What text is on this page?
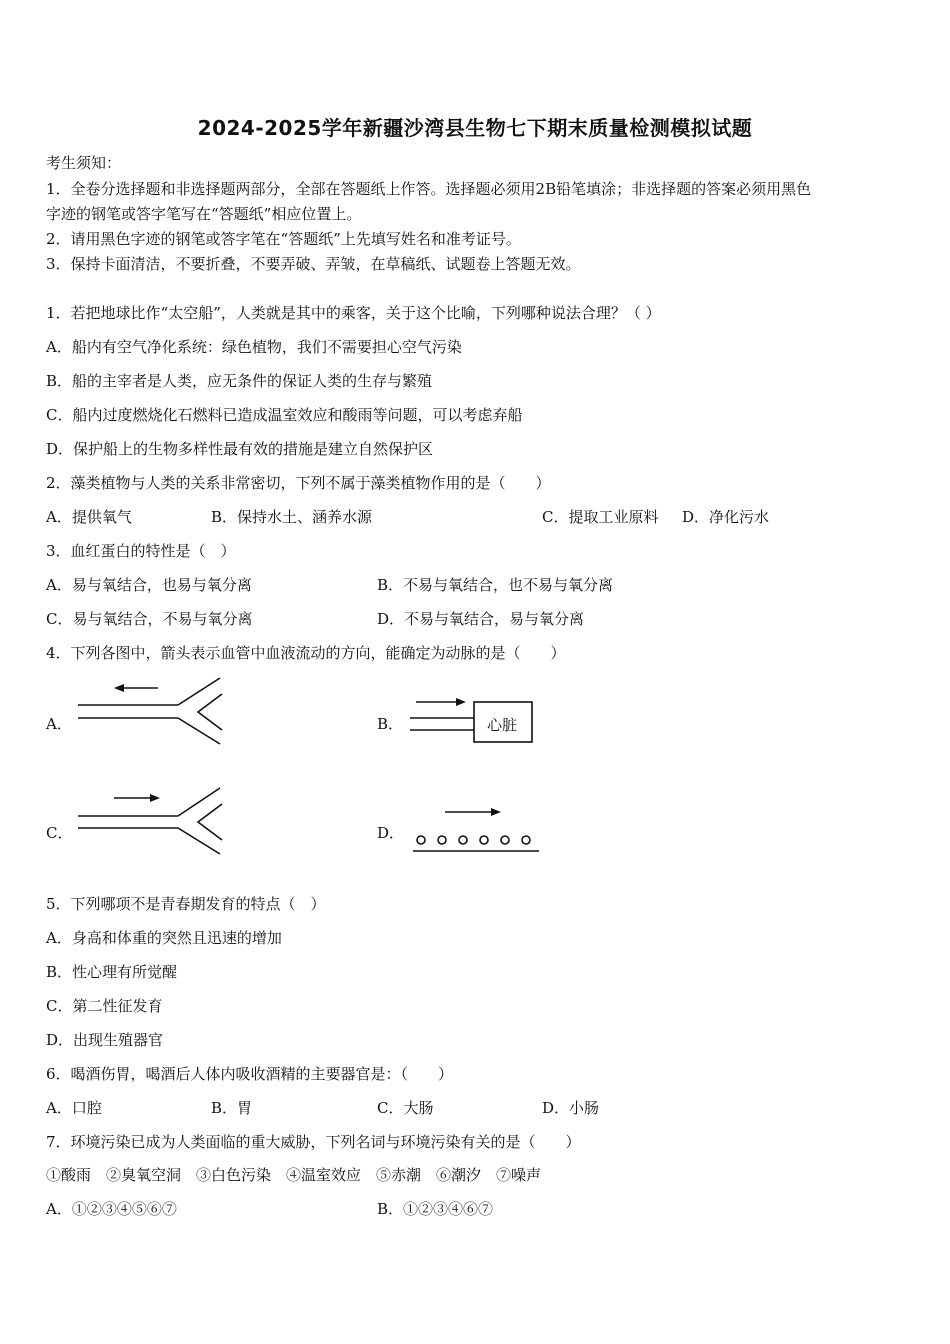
2024-2025学年新疆沙湾县生物七下期末质量检测模拟试题
考生须知：
1．全卷分选择题和非选择题两部分，全部在答题纸上作答。选择题必须用2B铅笔填涂；非选择题的答案必须用黑色
字迹的钢笔或答字笔写在“答题纸”相应位置上。
2．请用黑色字迹的钢笔或答字笔在“答题纸”上先填写姓名和准考证号。
3．保持卡面清洁，不要折叠，不要弄破、弄皱，在草稿纸、试题卷上答题无效。
1．若把地球比作“太空船”，人类就是其中的乘客，关于这个比喻，下列哪种说法合理？（ ）
A．船内有空气净化系统：绿色植物，我们不需要担心空气污染
B．船的主宰者是人类，应无条件的保证人类的生存与繁殖
C．船内过度燃烧化石燃料已造成温室效应和酸雨等问题，可以考虑弃船
D．保护船上的生物多样性最有效的措施是建立自然保护区
2．藻类植物与人类的关系非常密切，下列不属于藻类植物作用的是（　　）
A．提供氧气	B．保持水土、涵养水源	C．提取工业原料 D．净化污水
3．血红蛋白的特性是（　）
A．易与氧结合，也易与氧分离	B．不易与氧结合，也不易与氧分离
C．易与氧结合，不易与氧分离	D．不易与氧结合，易与氧分离
4．下列各图中，箭头表示血管中血液流动的方向，能确定为动脉的是（　　）
A．	B．	心脏
C．	D．
5．下列哪项不是青春期发育的特点（　）
A．身高和体重的突然且迅速的增加
B．性心理有所觉醒
C．第二性征发育
D．出现生殖器官
6．喝酒伤胃，喝酒后人体内吸收酒精的主要器官是：（　　）
A．口腔	B．胃	C．大肠	D．小肠
7．环境污染已成为人类面临的重大威胁，下列名词与环境污染有关的是（　　）
①酸雨　②臭氧空洞　③白色污染　④温室效应　⑤赤潮　⑥潮汐　⑦噪声
A．①②③④⑤⑥⑦	B．①②③④⑥⑦
